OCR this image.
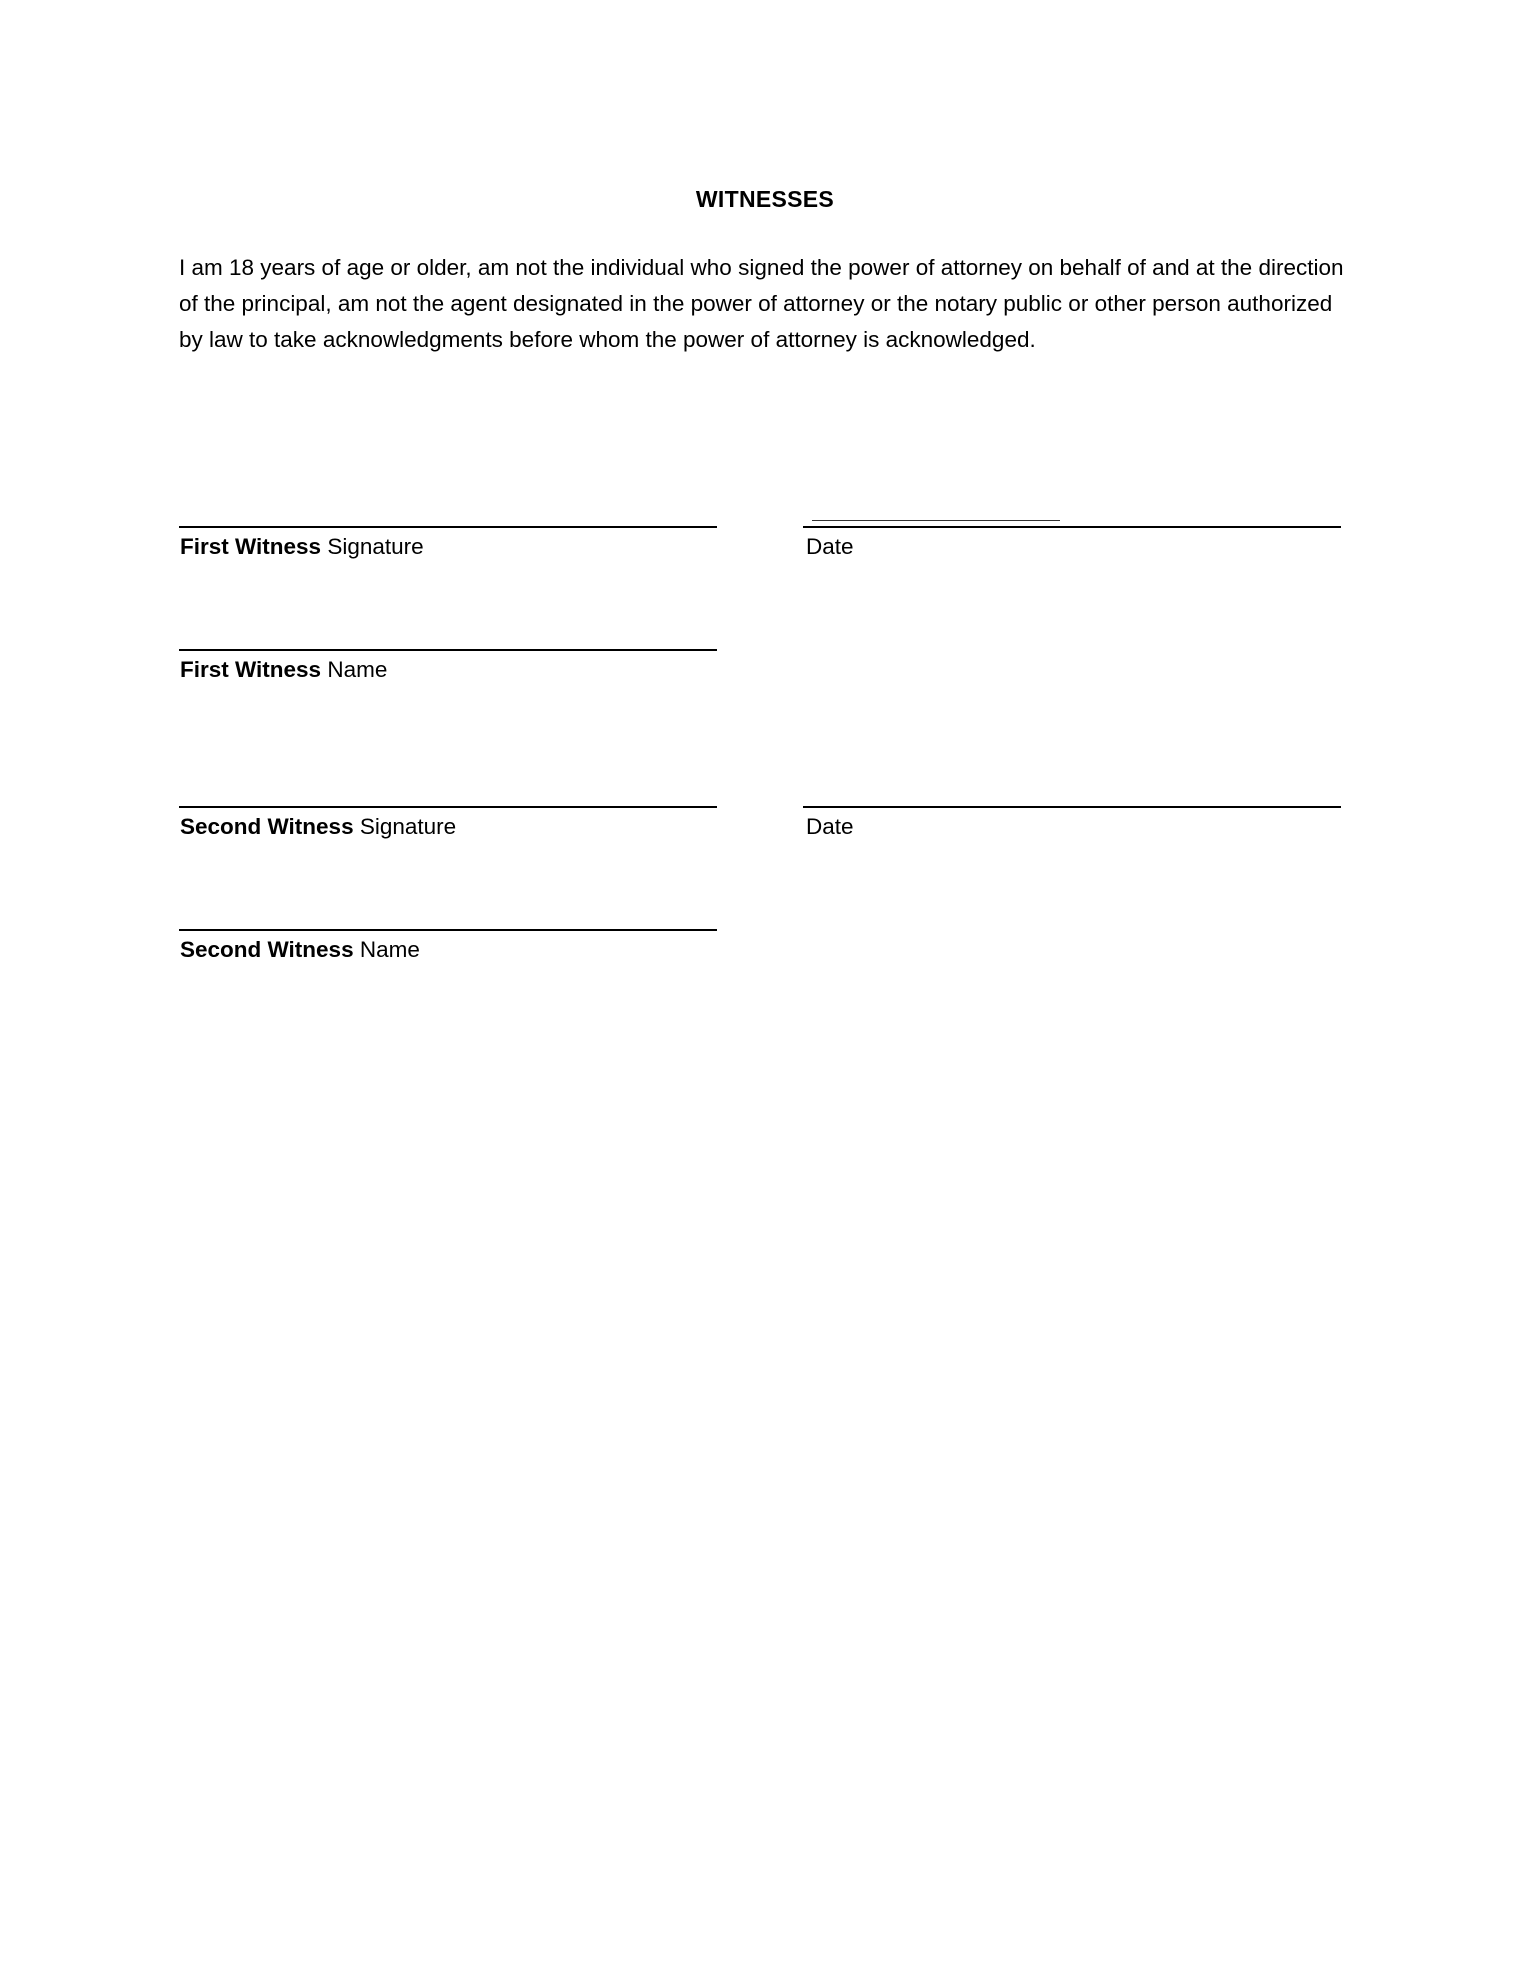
WITNESSES
I am 18 years of age or older, am not the individual who signed the power of attorney on behalf of and at the direction of the principal, am not the agent designated in the power of attorney or the notary public or other person authorized by law to take acknowledgments before whom the power of attorney is acknowledged.
First Witness Signature	Date
First Witness Name
Second Witness Signature	Date
Second Witness Name
